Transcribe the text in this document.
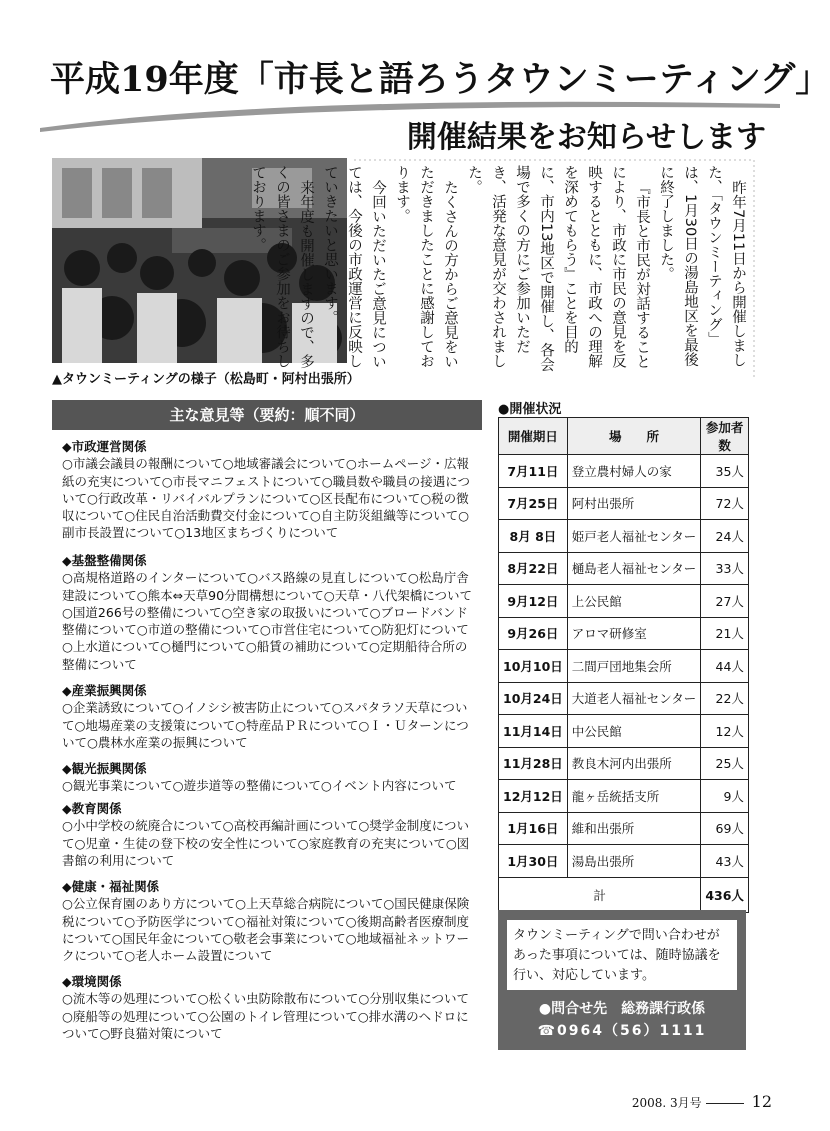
平成19年度「市長と語ろうタウンミーティング」
開催結果をお知らせします
▲タウンミーティングの様子（松島町・阿村出張所）

昨年7月11日から開催しました、「タウンミーティング」は、1月30日の湯島地区を最後に終了しました。

『市長と市民が対話することにより、市政に市民の意見を反映するとともに、市政への理解を深めてもらう』ことを目的に、市内13地区で開催し、各会場で多くの方にご参加いただき、活発な意見が交わされました。

たくさんの方からご意見をいただきましたことに感謝しております。

今回いただいたご意見については、今後の市政運営に反映していきたいと思います。

来年度も開催しますので、多くの皆さまのご参加をお待ちしております。

主な意見等（要約：順不同）
◆市政運営関係

○市議会議員の報酬について○地域審議会について○ホームページ・広報紙の充実について○市長マニフェストについて○職員数や職員の接遇について○行政改革・リバイバルプランについて○区長配布について○税の徴収について○住民自治活動費交付金について○自主防災組織等について○副市長設置について○13地区まちづくりについて

◆基盤整備関係

○高規格道路のインターについて○バス路線の見直しについて○松島庁舎建設について○熊本⇔天草90分間構想について○天草・八代架橋について○国道266号の整備について○空き家の取扱いについて○ブロードバンド整備について○市道の整備について○市営住宅について○防犯灯について○上水道について○樋門について○船賃の補助について○定期船待合所の整備について

◆産業振興関係

○企業誘致について○イノシシ被害防止について○スパタラソ天草について○地場産業の支援策について○特産品ＰＲについて○Ｉ・Ｕターンについて○農林水産業の振興について

◆観光振興関係

○観光事業について○遊歩道等の整備について○イベント内容について

◆教育関係

○小中学校の統廃合について○高校再編計画について○奨学金制度について○児童・生徒の登下校の安全性について○家庭教育の充実について○図書館の利用について

◆健康・福祉関係

○公立保育園のあり方について○上天草総合病院について○国民健康保険税について○予防医学について○福祉対策について○後期高齢者医療制度について○国民年金について○敬老会事業について○地域福祉ネットワークについて○老人ホーム設置について

◆環境関係

○流木等の処理について○松くい虫防除散布について○分別収集について○廃船等の処理について○公園のトイレ管理について○排水溝のヘドロについて○野良猫対策について

●開催状況
開催期日	場　　所	参加者数
7月11日	登立農村婦人の家	35人
7月25日	阿村出張所	72人
8月 8日	姫戸老人福祉センター	24人
8月22日	樋島老人福祉センター	33人
9月12日	上公民館	27人
9月26日	アロマ研修室	21人
10月10日	二間戸団地集会所	44人
10月24日	大道老人福祉センター	22人
11月14日	中公民館	12人
11月28日	教良木河内出張所	25人
12月12日	龍ヶ岳統括支所	9人
1月16日	維和出張所	69人
1月30日	湯島出張所	43人
計		436人
タウンミーティングで問い合わせがあった事項については、随時協議を行い、対応しています。
●問合せ先　総務課行政係
☎0964（56）1111
2008. 3月号	12
